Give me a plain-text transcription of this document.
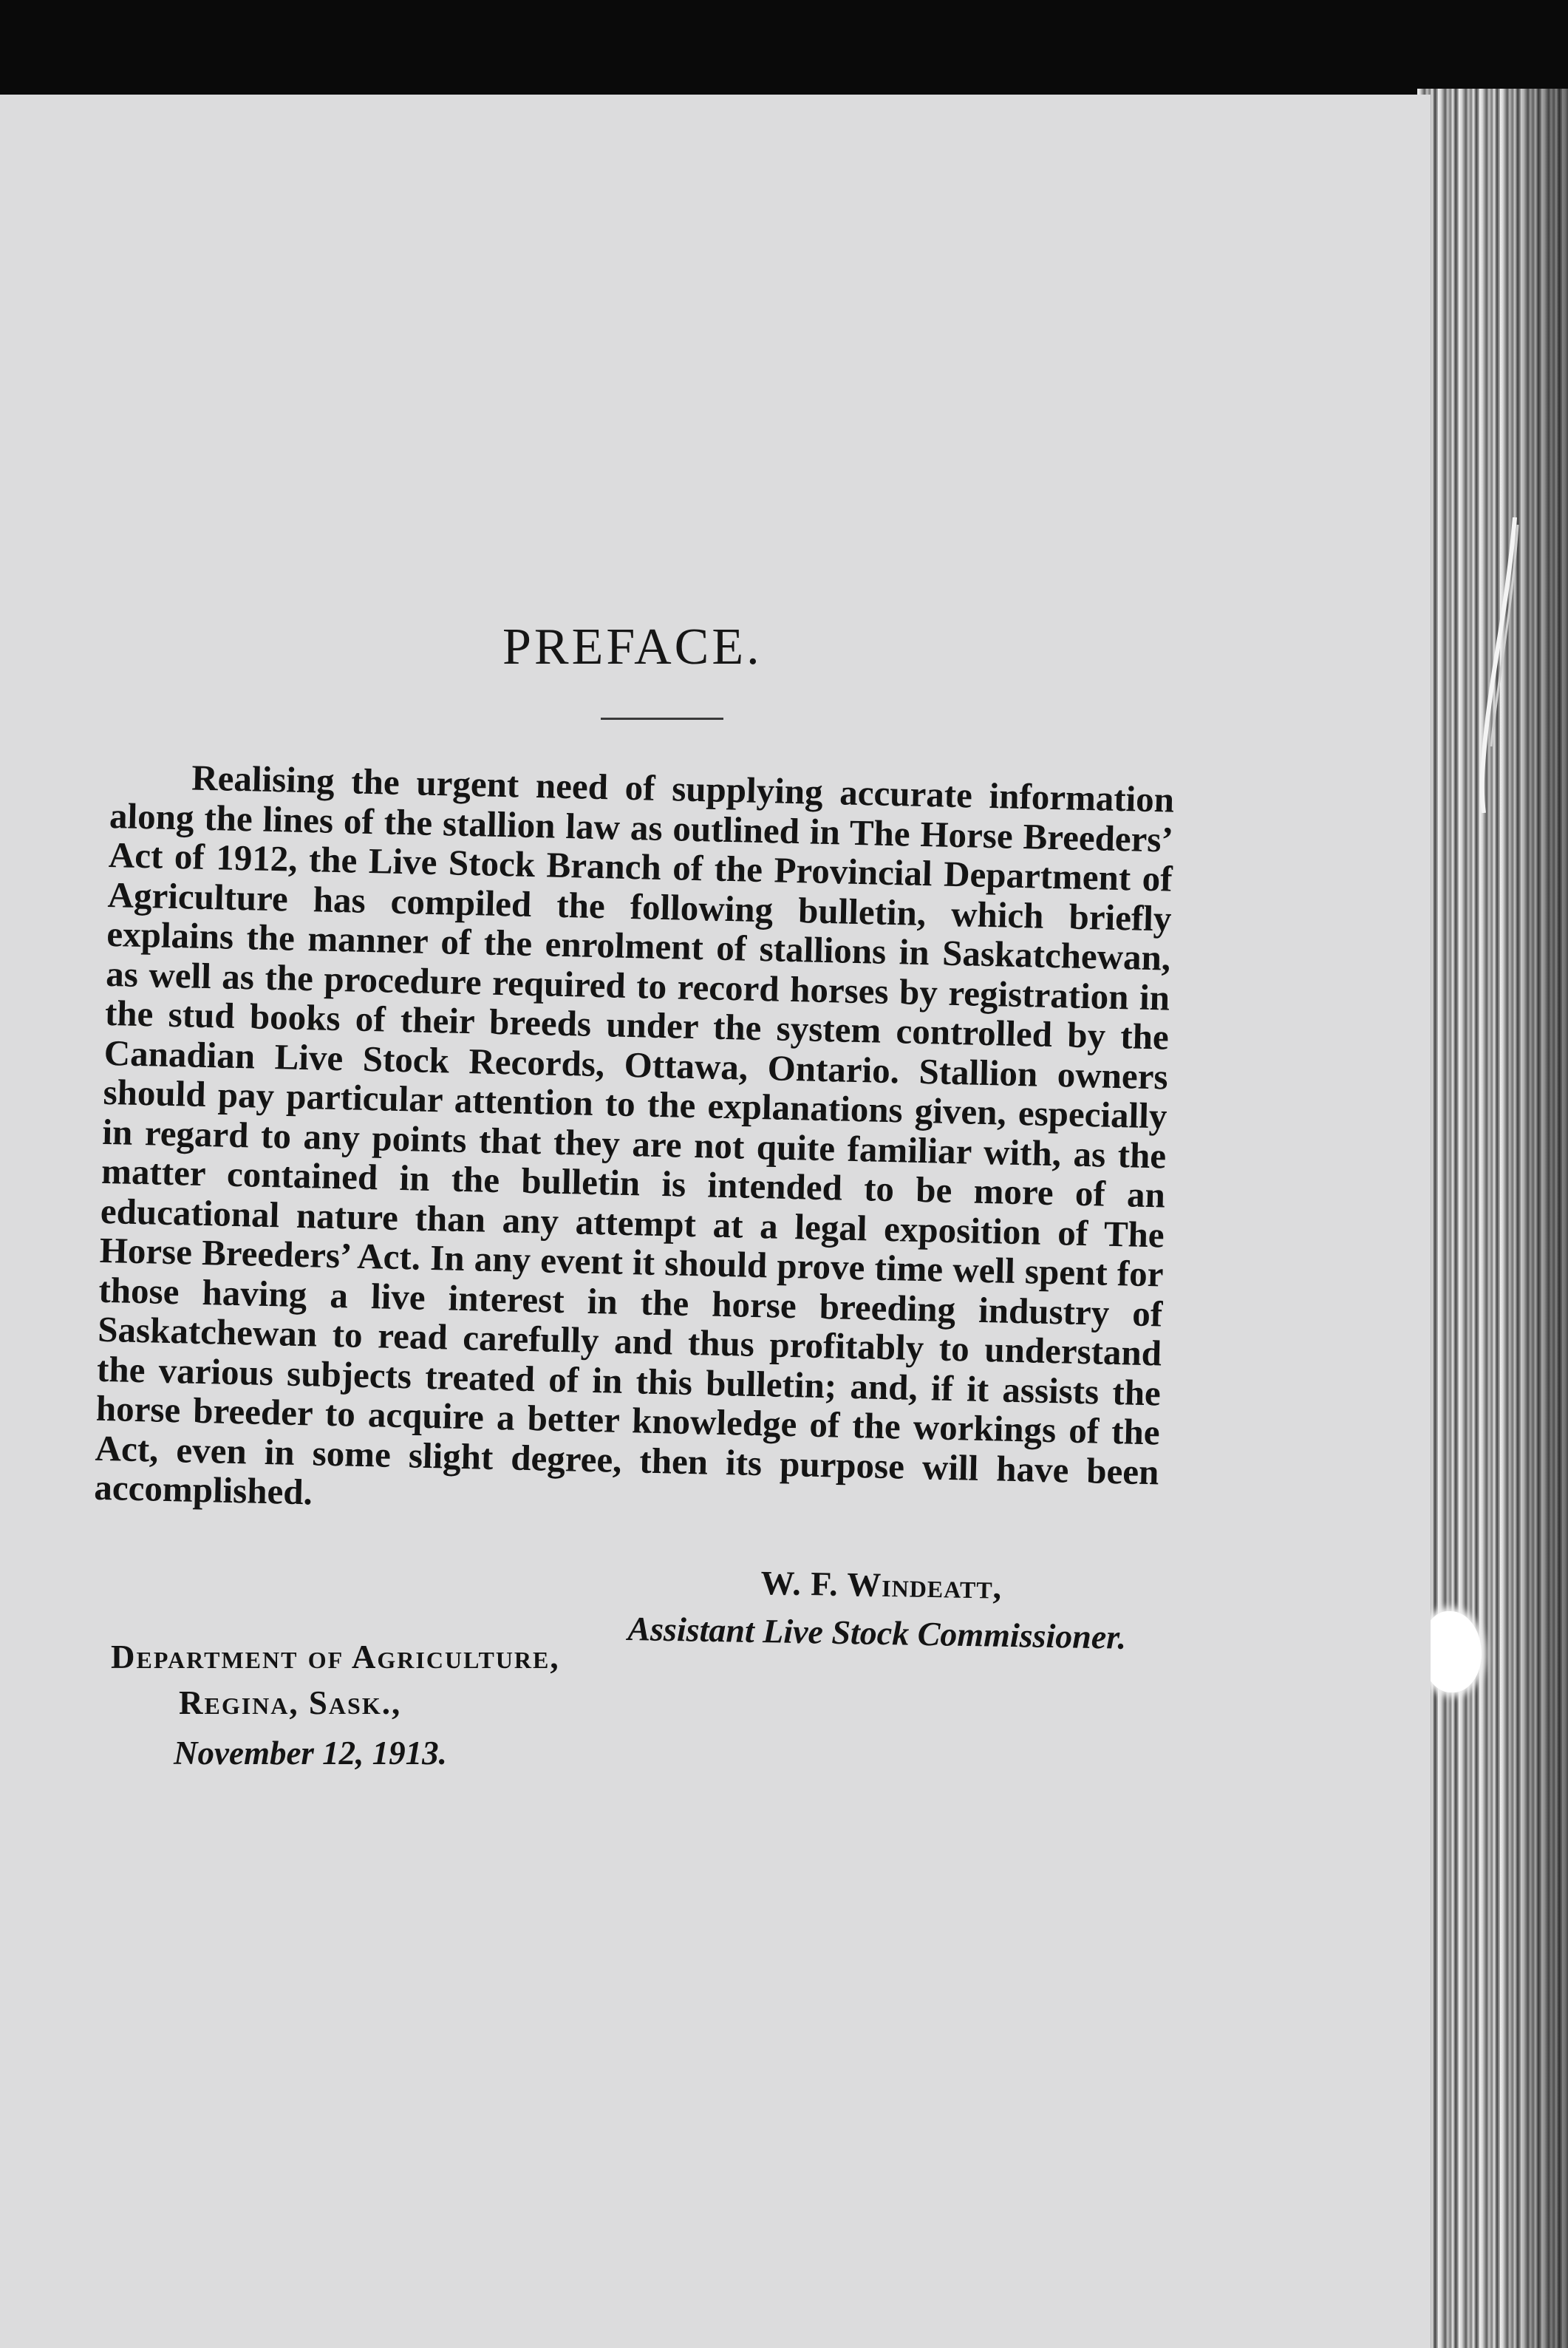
PREFACE.

Realising the urgent need of supplying accurate information along the lines of the stallion law as outlined in The Horse Breeders’ Act of 1912, the Live Stock Branch of the Provincial Department of Agriculture has compiled the following bulletin, which briefly explains the manner of the enrolment of stallions in Saskatchewan, as well as the procedure required to record horses by registration in the stud books of their breeds under the system controlled by the Canadian Live Stock Records, Ottawa, Ontario. Stallion owners should pay particular attention to the explanations given, especially in regard to any points that they are not quite familiar with, as the matter contained in the bulletin is intended to be more of an educational nature than any attempt at a legal exposition of The Horse Breeders’ Act. In any event it should prove time well spent for those having a live interest in the horse breeding industry of Saskatchewan to read carefully and thus profitably to understand the various subjects treated of in this bulletin; and, if it assists the horse breeder to acquire a better knowledge of the workings of the Act, even in some slight degree, then its purpose will have been accomplished.

W. F. Windeatt,
Assistant Live Stock Commissioner.
Department of Agriculture,
Regina, Sask.,
November 12, 1913.
